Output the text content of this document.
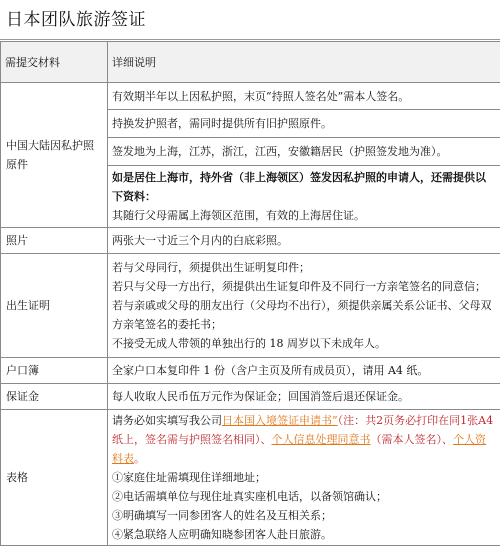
日本团队旅游签证
需提交材料	详细说明
中国大陆因私护照原件	有效期半年以上因私护照，末页“持照人签名处”需本人签名。
	持换发护照者，需同时提供所有旧护照原件。
	签发地为上海，江苏，浙江，江西，安徽籍居民（护照签发地为准）。

	如是居住上海市，持外省（非上海领区）签发因私护照的申请人，还需提供以下资料：
其随行父母需属上海领区范围，有效的上海居住证。

照片	两张大一寸近三个月内的白底彩照。
出生证明	若与父母同行，须提供出生证明复印件；
若只与父母一方出行，须提供出生证复印件及不同行一方亲笔签名的同意信；
若与亲戚或父母的朋友出行（父母均不出行），须提供亲属关系公证书、父母双方亲笔签名的委托书；
不接受无成人带领的单独出行的 18 周岁以下未成年人。

户口簿	全家户口本复印件 1 份（含户主页及所有成员页），请用 A4 纸。
保证金	每人收取人民币伍万元作为保证金；回国消签后退还保证金。
表格	请务必如实填写我公司日本国入境签证申请书”（注：共2页务必打印在同1张A4纸上，签名需与护照签名相同）、个人信息处理同意书（需本人签名）、个人资料表。
①家庭住址需填现住详细地址；
②电话需填单位与现住址真实座机电话，以备领馆确认；
③明确填写一同参团客人的姓名及互相关系；
④紧急联络人应明确知晓参团客人赴日旅游。
